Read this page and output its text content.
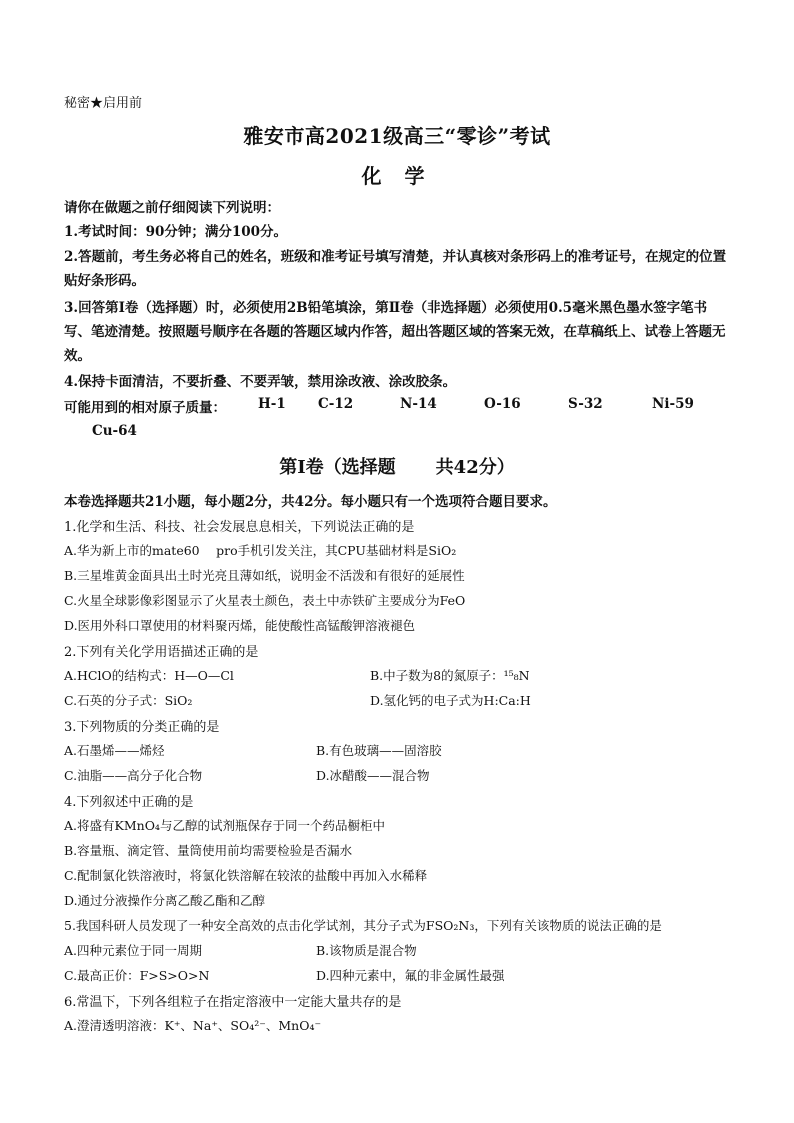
秘密★启用前
雅安市高2021级高三“零诊”考试
化 学
请你在做题之前仔细阅读下列说明：
1.考试时间：90分钟；满分100分。
2.答题前，考生务必将自己的姓名，班级和准考证号填写清楚，并认真核对条形码上的准考证号，在规定的位置贴好条形码。
3.回答第Ⅰ卷（选择题）时，必须使用2B铅笔填涂，第Ⅱ卷（非选择题）必须使用0.5毫米黑色墨水签字笔书写、笔迹清楚。按照题号顺序在各题的答题区域内作答，超出答题区域的答案无效，在草稿纸上、试卷上答题无效。
4.保持卡面清洁，不要折叠、不要弄皱，禁用涂改液、涂改胶条。
可能用到的相对原子质量： H-1 C-12	N-14	O-16	S-32	Ni-59
Cu-64
第Ⅰ卷（选择题 共42分）
本卷选择题共21小题，每小题2分，共42分。每小题只有一个选项符合题目要求。
1.化学和生活、科技、社会发展息息相关，下列说法正确的是
A.华为新上市的mate60　 pro手机引发关注，其CPU基础材料是SiO₂
B.三星堆黄金面具出土时光亮且薄如纸，说明金不活泼和有很好的延展性
C.火星全球影像彩图显示了火星表土颜色，表土中赤铁矿主要成分为FeO
D.医用外科口罩使用的材料聚丙烯，能使酸性高锰酸钾溶液褪色
2.下列有关化学用语描述正确的是
A.HClO的结构式：H—O—Cl	B.中子数为8的氮原子：¹⁵₈N
C.石英的分子式：SiO₂	D.氢化钙的电子式为H:Ca:H
3.下列物质的分类正确的是
A.石墨烯——烯烃	B.有色玻璃——固溶胶
C.油脂——高分子化合物	D.冰醋酸——混合物
4.下列叙述中正确的是
A.将盛有KMnO₄与乙醇的试剂瓶保存于同一个药品橱柜中
B.容量瓶、滴定管、量筒使用前均需要检验是否漏水
C.配制氯化铁溶液时，将氯化铁溶解在较浓的盐酸中再加入水稀释
D.通过分液操作分离乙酸乙酯和乙醇
5.我国科研人员发现了一种安全高效的点击化学试剂，其分子式为FSO₂N₃，下列有关该物质的说法正确的是
A.四种元素位于同一周期	B.该物质是混合物
C.最高正价：F>S>O>N	D.四种元素中，氟的非金属性最强
6.常温下，下列各组粒子在指定溶液中一定能大量共存的是
A.澄清透明溶液：K⁺、Na⁺、SO₄²⁻、MnO₄⁻
